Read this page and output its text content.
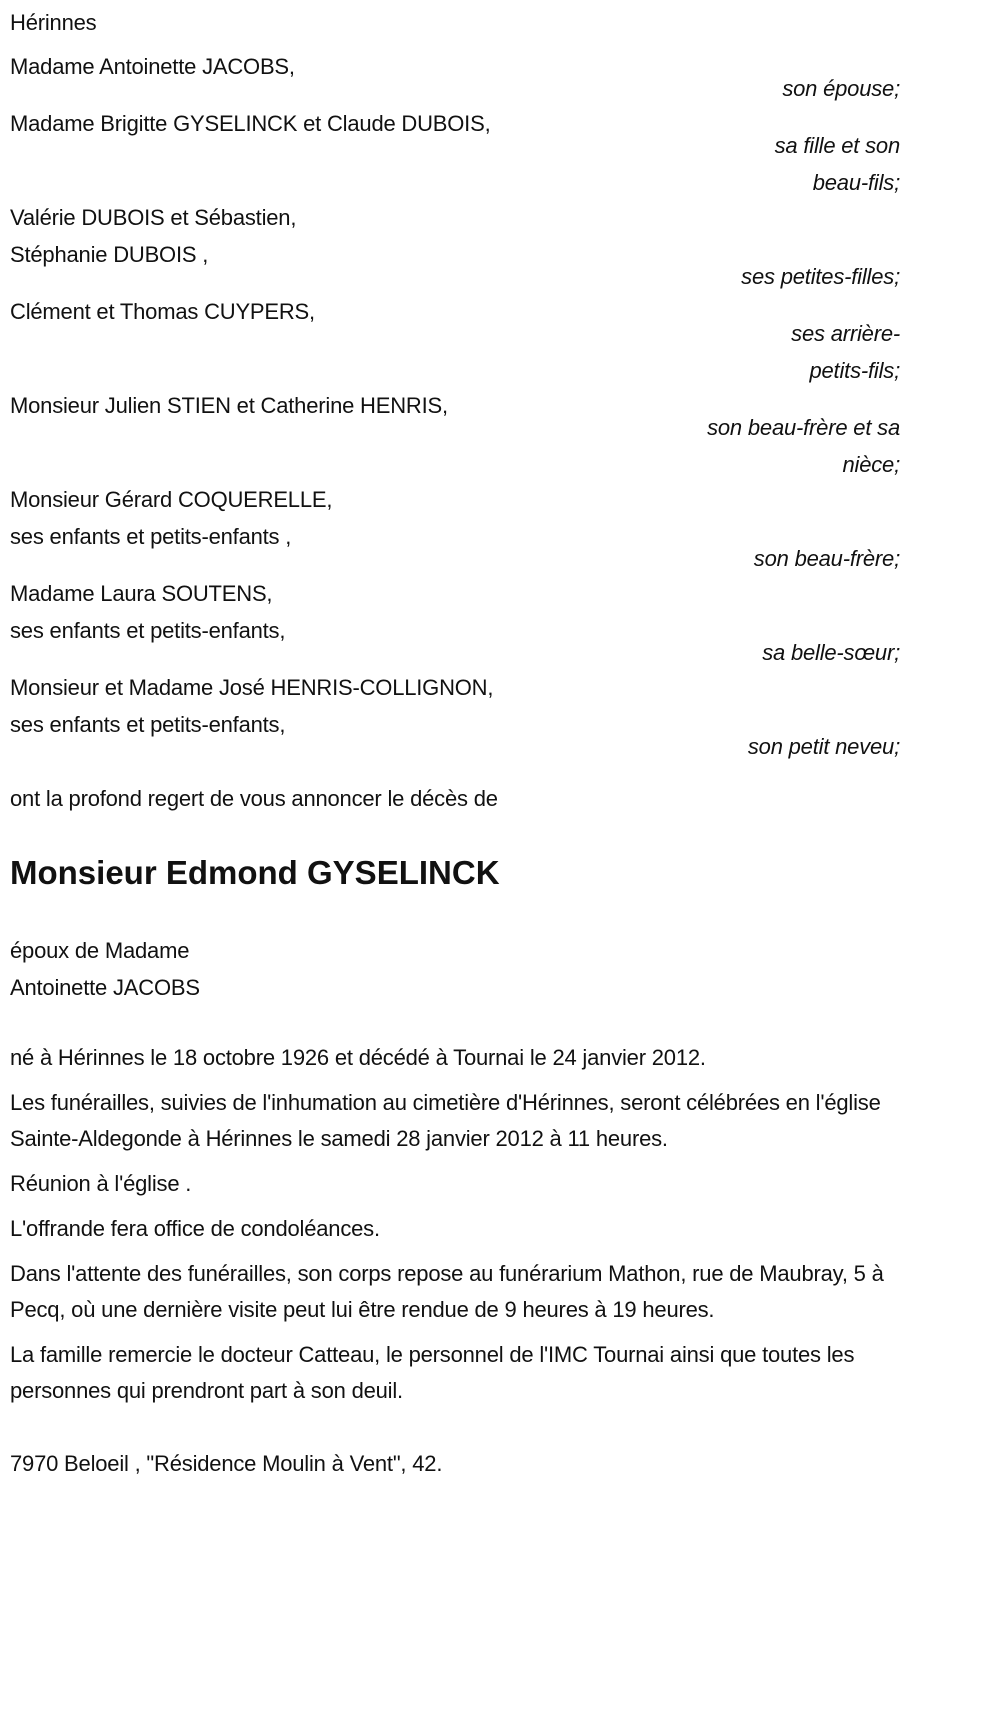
Hérinnes
Madame Antoinette JACOBS,
son épouse;
Madame Brigitte GYSELINCK et Claude DUBOIS,
sa fille et son
beau-fils;
Valérie DUBOIS et Sébastien,
Stéphanie DUBOIS ,
ses petites-filles;
Clément et Thomas CUYPERS,
ses arrière-
petits-fils;
Monsieur Julien STIEN et Catherine HENRIS,
son beau-frère et sa
nièce;
Monsieur Gérard COQUERELLE,
ses enfants et petits-enfants ,
son beau-frère;
Madame Laura SOUTENS,
ses enfants et petits-enfants,
sa belle-sœur;
Monsieur et Madame José HENRIS-COLLIGNON,
ses enfants et petits-enfants,
son petit neveu;
ont la profond regert de vous annoncer le décès de
Monsieur Edmond GYSELINCK
époux de Madame
Antoinette JACOBS
né à Hérinnes le 18 octobre 1926 et décédé à Tournai le 24 janvier 2012.
Les funérailles, suivies de l'inhumation au cimetière d'Hérinnes, seront célébrées en l'église Sainte-Aldegonde à Hérinnes le samedi 28 janvier 2012 à 11 heures.
Réunion à l'église .
L'offrande fera office de condoléances.
Dans l'attente des funérailles, son corps repose au funérarium Mathon, rue de Maubray, 5 à Pecq, où une dernière visite peut lui être rendue de 9 heures à 19 heures.
La famille remercie le docteur Catteau, le personnel de l'IMC Tournai ainsi que toutes les personnes qui prendront part à son deuil.
7970 Beloeil , "Résidence Moulin à Vent", 42.
